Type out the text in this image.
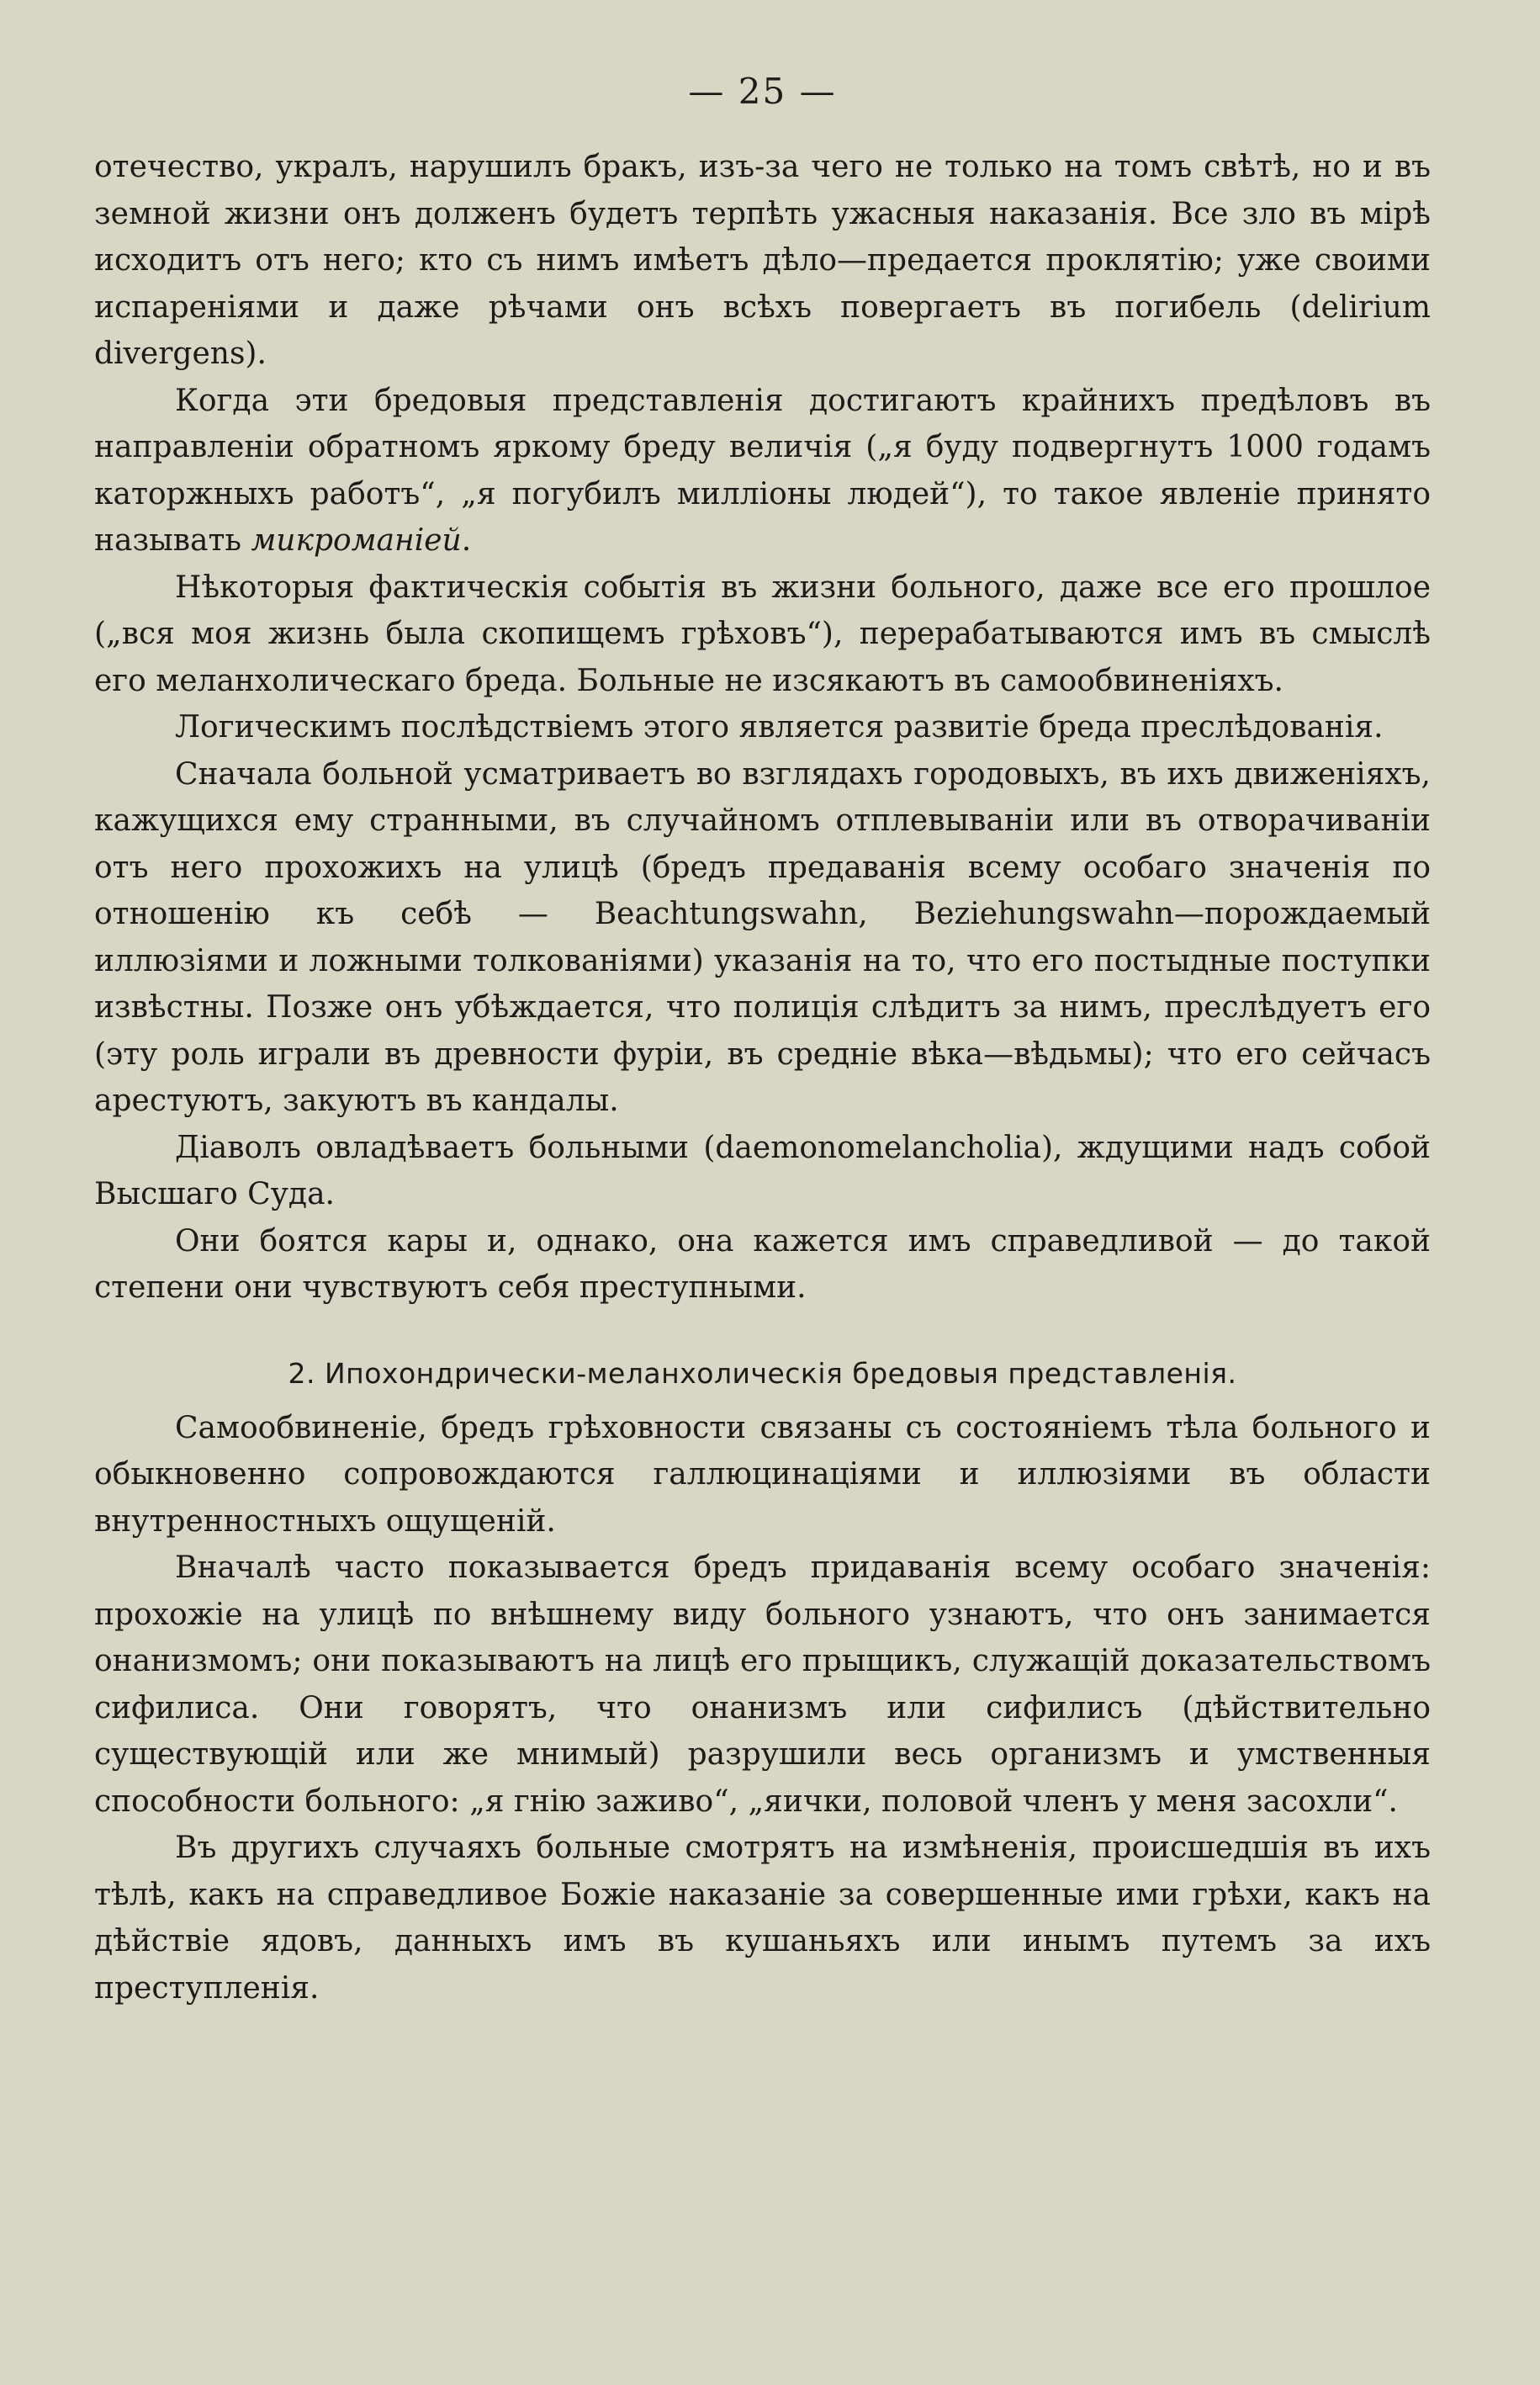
— 25 —

отечество, укралъ, нарушилъ бракъ, изъ-за чего не только на томъ свѣтѣ, но и въ земной жизни онъ долженъ будетъ терпѣть ужасныя наказанія. Все зло въ мірѣ исходитъ отъ него; кто съ нимъ имѣетъ дѣло—предается проклятію; уже своими испареніями и даже рѣчами онъ всѣхъ повергаетъ въ погибель (delirium divergens).

Когда эти бредовыя представленія достигаютъ крайнихъ предѣловъ въ направленіи обратномъ яркому бреду величія („я буду подвергнутъ 1000 годамъ каторжныхъ работъ“, „я погубилъ милліоны людей“), то такое явленіе принято называть микроманiей.

Нѣкоторыя фактическія событія въ жизни больного, даже все его прошлое („вся моя жизнь была скопищемъ грѣховъ“), перерабатываются имъ въ смыслѣ его меланхолическаго бреда. Больные не изсякаютъ въ самообвиненіяхъ.

Логическимъ послѣдствіемъ этого является развитіе бреда преслѣдованія.

Сначала больной усматриваетъ во взглядахъ городовыхъ, въ ихъ движеніяхъ, кажущихся ему странными, въ случайномъ отплевываніи или въ отворачиваніи отъ него прохожихъ на улицѣ (бредъ предаванія всему особаго значенія по отношенію къ себѣ — Beachtungswahn, Beziehungswahn—порождаемый иллюзіями и ложными толкованіями) указанія на то, что его постыдные поступки извѣстны. Позже онъ убѣждается, что полиція слѣдитъ за нимъ, преслѣдуетъ его (эту роль играли въ древности фуріи, въ средніе вѣка—вѣдьмы); что его сейчасъ арестуютъ, закуютъ въ кандалы.

Діаволъ овладѣваетъ больными (daemonomelancholia), ждущими надъ собой Высшаго Суда.

Они боятся кары и, однако, она кажется имъ справедливой — до такой степени они чувствуютъ себя преступными.

2. Ипохондрически-меланхолическія бредовыя представленія.

Самообвиненіе, бредъ грѣховности связаны съ состояніемъ тѣла больного и обыкновенно сопровождаются галлюцинаціями и иллюзіями въ области внутренностныхъ ощущеній.

Вначалѣ часто показывается бредъ придаванія всему особаго значенія: прохожіе на улицѣ по внѣшнему виду больного узнаютъ, что онъ занимается онанизмомъ; они показываютъ на лицѣ его прыщикъ, служащій доказательствомъ сифилиса. Они говорятъ, что онанизмъ или сифилисъ (дѣйствительно существующій или же мнимый) разрушили весь организмъ и умственныя способности больного: „я гнію заживо“, „яички, половой членъ у меня засохли“.

Въ другихъ случаяхъ больные смотрятъ на измѣненія, происшедшія въ ихъ тѣлѣ, какъ на справедливое Божіе наказаніе за совершенные ими грѣхи, какъ на дѣйствіе ядовъ, данныхъ имъ въ кушаньяхъ или инымъ путемъ за ихъ преступленія.
